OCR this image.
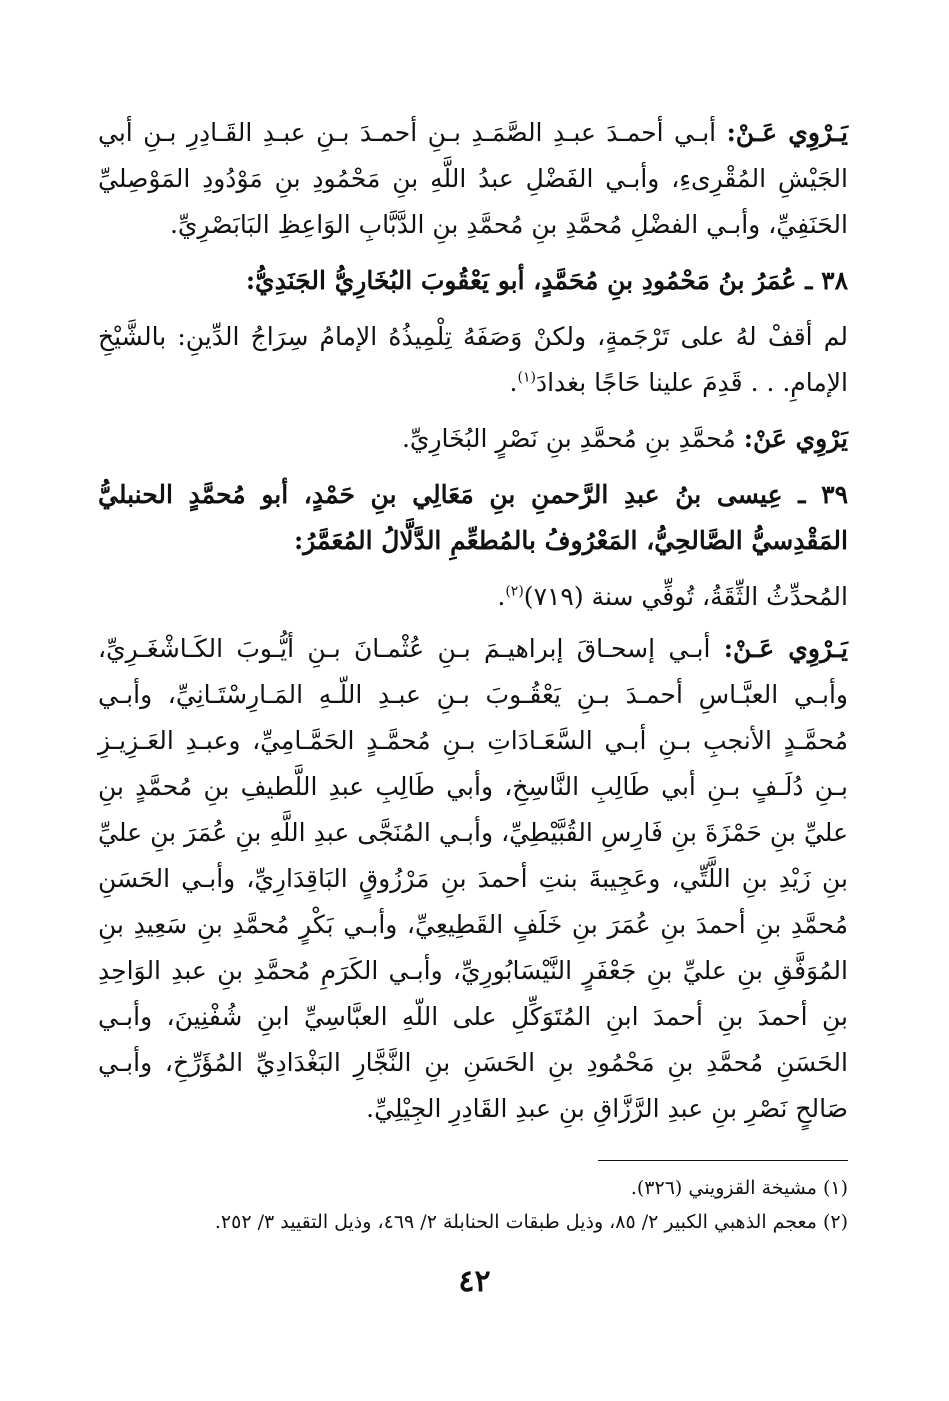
يَـرْوِي عَـنْ: أبـي أحمـدَ عبـدِ الصَّمَـدِ بـنِ أحمـدَ بـنِ عبـدِ القَـادِرِ بـنِ أبي الجَيْشِ المُقْرِىءِ، وأبـي الفَضْلِ عبدُ اللَّهِ بنِ مَحْمُودِ بنِ مَوْدُودِ المَوْصِليِّ الحَنَفِيِّ، وأبـي الفضْلِ مُحمَّدِ بنِ مُحمَّدِ بنِ الدَّبَّابِ الوَاعِظِ البَابَصْرِيِّ.

٣٨ ـ عُمَرُ بنُ مَحْمُودِ بنِ مُحَمَّدٍ، أبو يَعْقُوبَ البُخَارِيُّ الجَنَدِيُّ:

لم أقفْ لهُ على تَرْجَمةٍ، ولكنْ وَصَفَهُ تِلْمِيذُهُ الإمامُ سِرَاجُ الدِّينِ: بالشَّيْخِ الإمامِ. . . قَدِمَ علينا حَاجًا بغدادَ$^{(١)}$.

يَرْوِي عَنْ: مُحمَّدِ بنِ مُحمَّدِ بنِ نَصْرٍ البُخَارِيِّ.

٣٩ ـ عِيسى بنُ عبدِ الرَّحمنِ بنِ مَعَالِي بنِ حَمْدٍ، أبو مُحمَّدٍ الحنبليُّ المَقْدِسيُّ الصَّالحِيُّ، المَعْرُوفُ بالمُطعِّمِ الدَّلَّالُ المُعَمَّرُ:

المُحدِّثُ الثِّقَةُ، تُوفِّي سنة (٧١٩)$^{(٢)}$.

يَـرْوِي عَـنْ: أبـي إسحـاقَ إبراهيـمَ بـنِ عُثْمـانَ بـنِ أيُّـوبَ الكَـاشْغَـرِيِّ، وأبـي العبَّـاسِ أحمـدَ بـنِ يَعْقُـوبَ بـنِ عبـدِ اللّـهِ المَـارِسْتَـانِيِّ، وأبـي مُحمَّـدٍ الأنجبِ بـنِ أبـي السَّعَـادَاتِ بـنِ مُحمَّـدٍ الحَمَّـامِيِّ، وعبـدِ العَـزِيـزِ بـنِ دُلَـفٍ بـنِ أبي طَالِبِ النَّاسِخِ، وأبي طَالِبِ عبدِ اللَّطيفِ بنِ مُحمَّدٍ بنِ عليِّ بنِ حَمْزَةَ بنِ فَارِسِ القُبَّيْطِيِّ، وأبـي المُنَجَّى عبدِ اللَّهِ بنِ عُمَرَ بنِ عليِّ بنِ زَيْدِ بنِ اللَّتِّي، وعَجِيبةَ بنتِ أحمدَ بنِ مَرْزُوقٍ البَاقِدَارِيِّ، وأبـي الحَسَنِ مُحمَّدِ بنِ أحمدَ بنِ عُمَرَ بنِ خَلَفٍ القَطِيعِيِّ، وأبـي بَكْرٍ مُحمَّدِ بنِ سَعِيدِ بنِ المُوَفَّقِ بنِ عليِّ بنِ جَعْفَرٍ النَّيْسَابُورِيِّ، وأبـي الكَرَمِ مُحمَّدِ بنِ عبدِ الوَاحِدِ بنِ أحمدَ بنِ أحمدَ ابنِ المُتَوَكِّلِ على اللّهِ العبَّاسِيِّ ابنِ شُفْنِينَ، وأبـي الحَسَنِ مُحمَّدِ بنِ مَحْمُودِ بنِ الحَسَنِ بنِ النَّجَّارِ البَغْدَادِيِّ المُؤَرِّخِ، وأبـي صَالحٍ نَصْرِ بنِ عبدِ الرَّزَّاقِ بنِ عبدِ القَادِرِ الجِيْلِيِّ.

(١) مشيخة القزويني (٣٢٦).
(٢) معجم الذهبي الكبير ٢/ ٨٥، وذيل طبقات الحنابلة ٢/ ٤٦٩، وذيل التقييد ٣/ ٢٥٢.
٤٢
